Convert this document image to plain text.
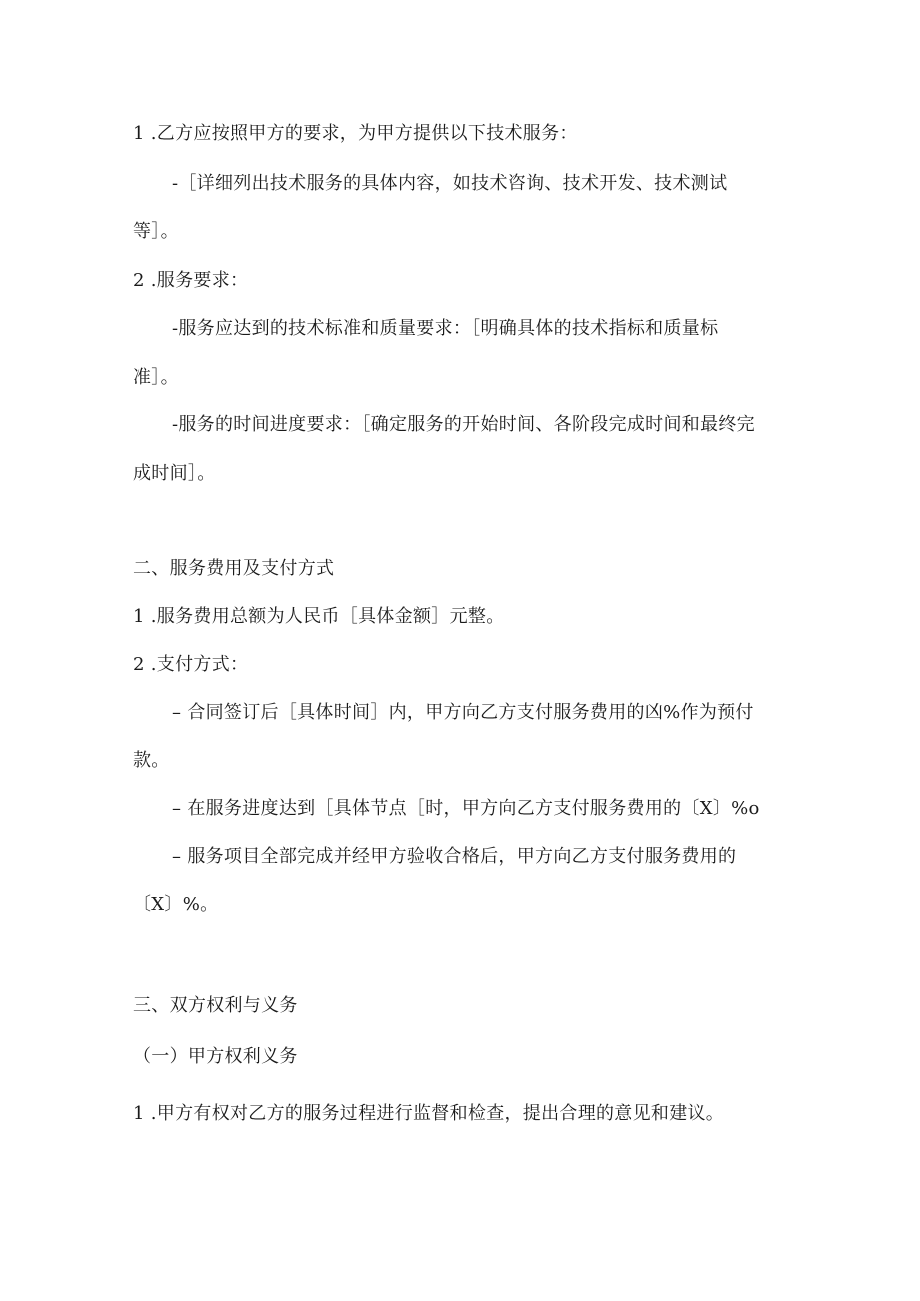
1 .乙方应按照甲方的要求，为甲方提供以下技术服务：
-［详细列出技术服务的具体内容，如技术咨询、技术开发、技术测试
等］。
2 .服务要求：
-服务应达到的技术标准和质量要求：［明确具体的技术指标和质量标
准］。
-服务的时间进度要求：［确定服务的开始时间、各阶段完成时间和最终完
成时间］。
二、服务费用及支付方式
1 .服务费用总额为人民币［具体金额］元整。
2 .支付方式：
– 合同签订后［具体时间］内，甲方向乙方支付服务费用的凶%作为预付
款。
– 在服务进度达到［具体节点［时，甲方向乙方支付服务费用的〔X〕%o
– 服务项目全部完成并经甲方验收合格后，甲方向乙方支付服务费用的
〔X〕%。
三、双方权利与义务
（一）甲方权利义务
1 .甲方有权对乙方的服务过程进行监督和检查，提出合理的意见和建议。
